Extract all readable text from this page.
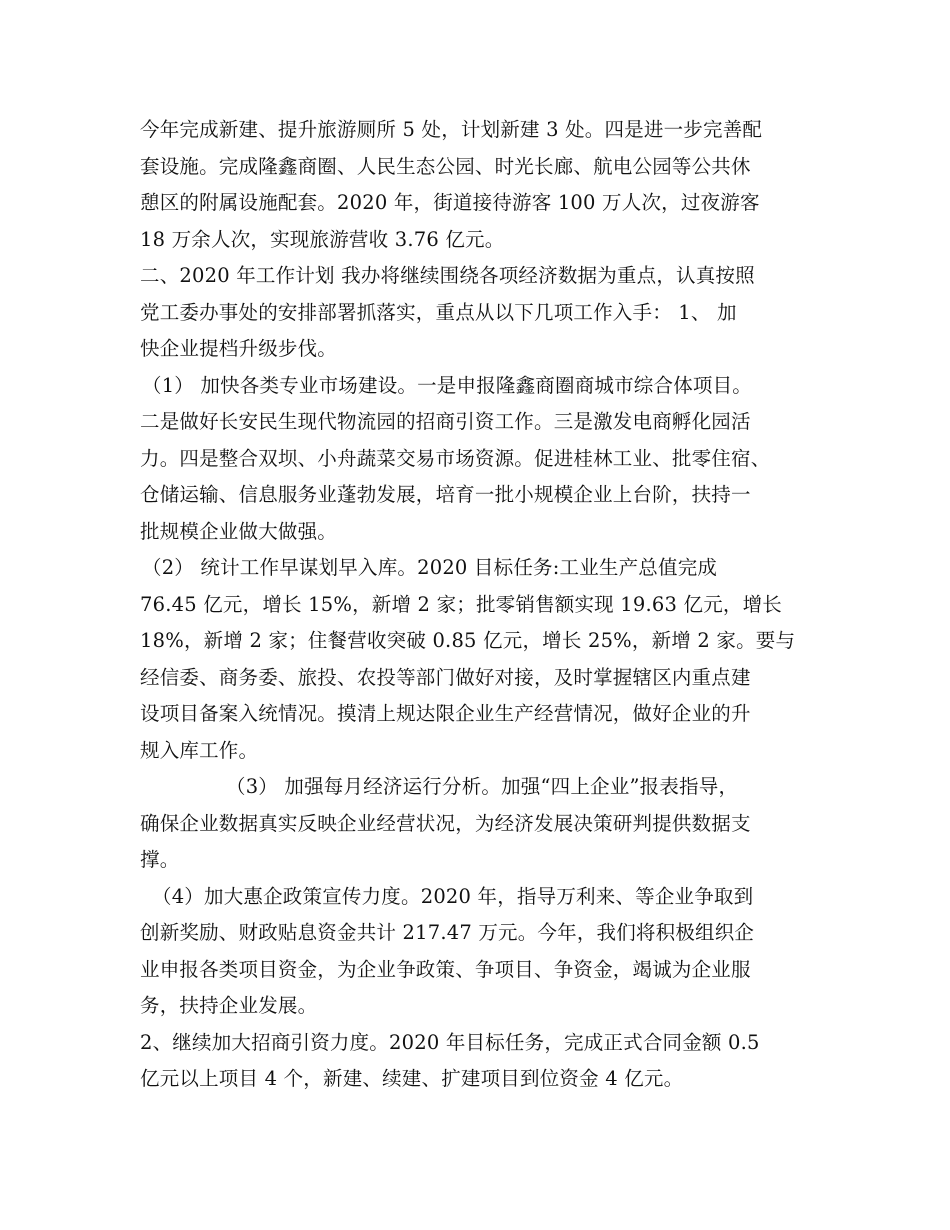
今年完成新建、提升旅游厕所 5 处，计划新建 3 处。四是进一步完善配
套设施。完成隆鑫商圈、人民生态公园、时光长廊、航电公园等公共休
憩区的附属设施配套。2020 年，街道接待游客 100 万人次，过夜游客
18 万余人次，实现旅游营收 3.76 亿元。
二、2020 年工作计划 我办将继续围绕各项经济数据为重点，认真按照
党工委办事处的安排部署抓落实，重点从以下几项工作入手： 1、 加
快企业提档升级步伐。
（1） 加快各类专业市场建设。一是申报隆鑫商圈商城市综合体项目。
二是做好长安民生现代物流园的招商引资工作。三是激发电商孵化园活
力。四是整合双坝、小舟蔬菜交易市场资源。促进桂林工业、批零住宿、
仓储运输、信息服务业蓬勃发展，培育一批小规模企业上台阶，扶持一
批规模企业做大做强。
（2） 统计工作早谋划早入库。2020 目标任务:工业生产总值完成
76.45 亿元，增长 15%，新增 2 家；批零销售额实现 19.63 亿元，增长
18%，新增 2 家；住餐营收突破 0.85 亿元，增长 25%，新增 2 家。要与
经信委、商务委、旅投、农投等部门做好对接，及时掌握辖区内重点建
设项目备案入统情况。摸清上规达限企业生产经营情况，做好企业的升
规入库工作。
（3） 加强每月经济运行分析。加强“四上企业”报表指导，
确保企业数据真实反映企业经营状况，为经济发展决策研判提供数据支
撑。
（4）加大惠企政策宣传力度。2020 年，指导万利来、等企业争取到
创新奖励、财政贴息资金共计 217.47 万元。今年，我们将积极组织企
业申报各类项目资金，为企业争政策、争项目、争资金，竭诚为企业服
务，扶持企业发展。
2、继续加大招商引资力度。2020 年目标任务，完成正式合同金额 0.5
亿元以上项目 4 个，新建、续建、扩建项目到位资金 4 亿元。
